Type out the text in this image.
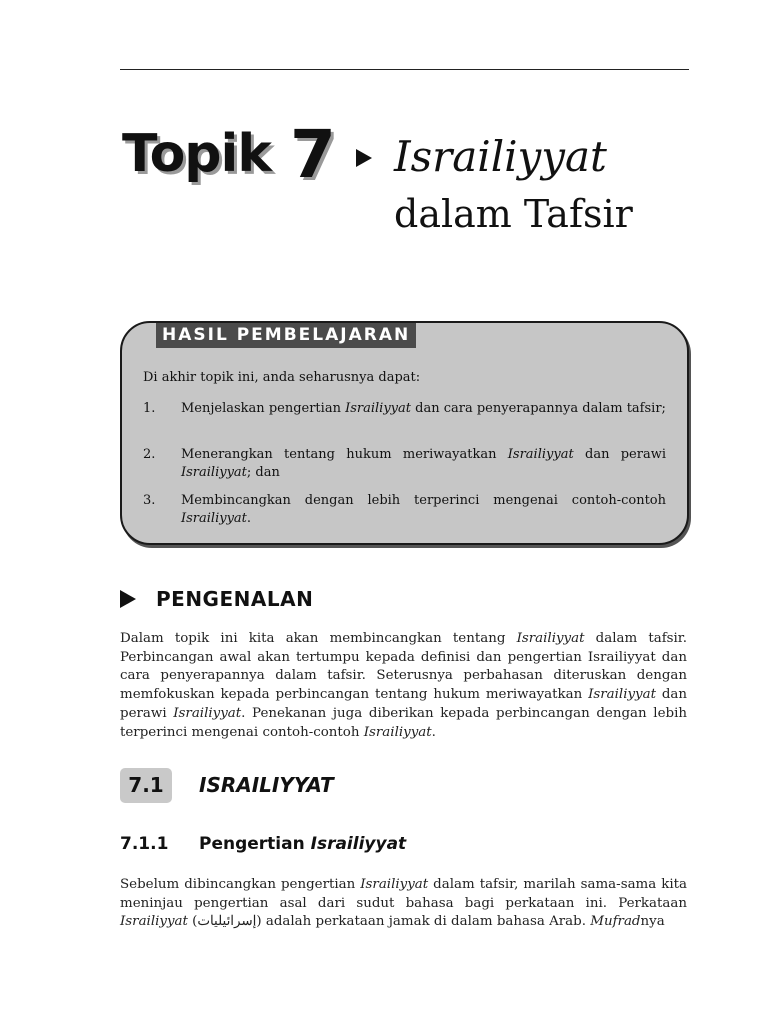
Topik 7 Israiliyyat
dalam Tafsir
HASIL PEMBELAJARAN
Di akhir topik ini, anda seharusnya dapat:
1. Menjelaskan pengertian Israiliyyat dan cara penyerapannya dalam tafsir;
2. Menerangkan tentang hukum meriwayatkan Israiliyyat dan perawi Israiliyyat; dan
3. Membincangkan dengan lebih terperinci mengenai contoh-contoh Israiliyyat.
PENGENALAN
Dalam topik ini kita akan membincangkan tentang Israiliyyat dalam tafsir. Perbincangan awal akan tertumpu kepada definisi dan pengertian Israiliyyat dan cara penyerapannya dalam tafsir. Seterusnya perbahasan diteruskan dengan memfokuskan kepada perbincangan tentang hukum meriwayatkan Israiliyyat dan perawi Israiliyyat. Penekanan juga diberikan kepada perbincangan dengan lebih terperinci mengenai contoh-contoh Israiliyyat.
7.1	ISRAILIYYAT
7.1.1 Pengertian Israiliyyat
Sebelum dibincangkan pengertian Israiliyyat dalam tafsir, marilah sama-sama kita meninjau pengertian asal dari sudut bahasa bagi perkataan ini. Perkataan Israiliyyat (إسرائيليات) adalah perkataan jamak di dalam bahasa Arab. Mufradnya
